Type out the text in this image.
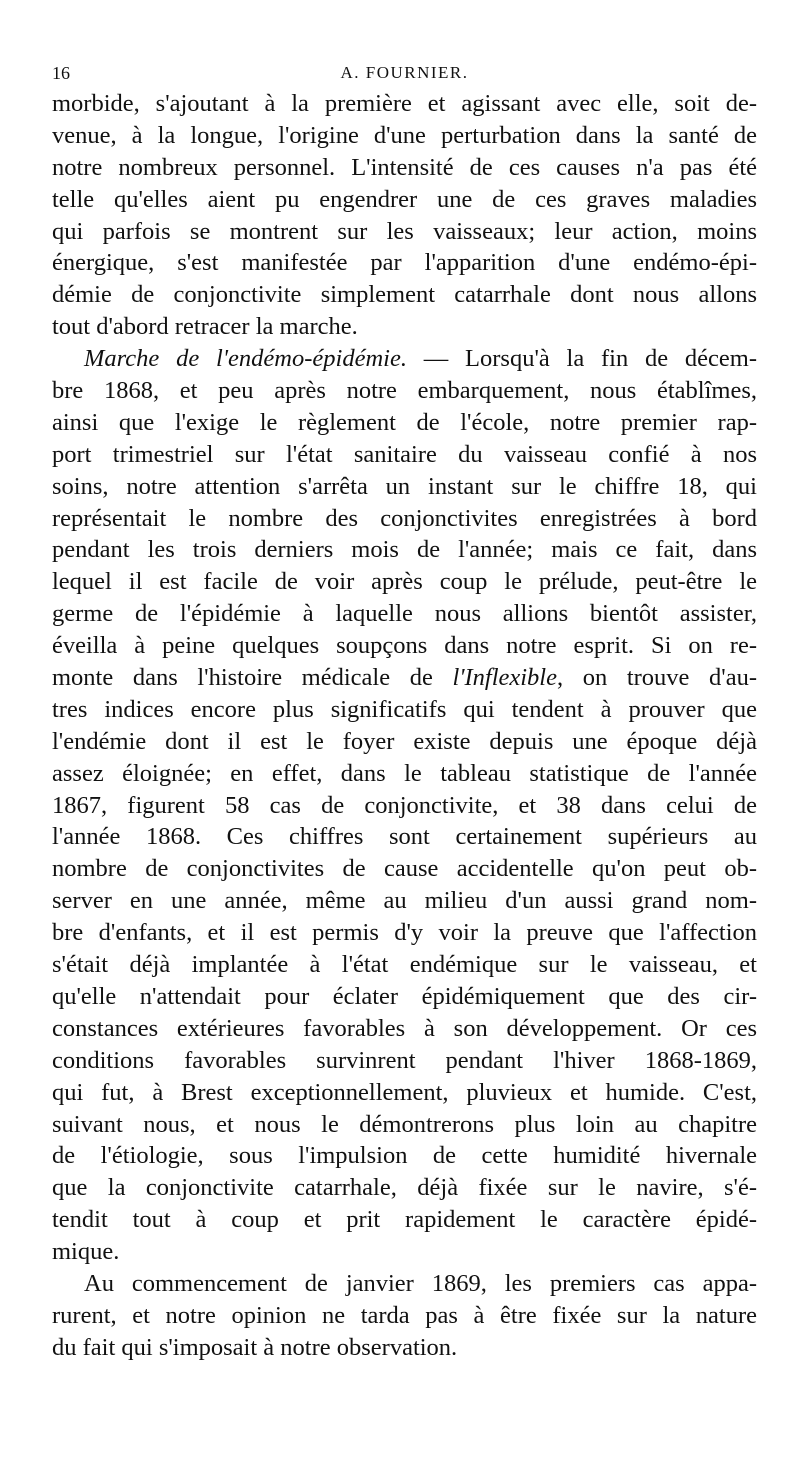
16	A. FOURNIER.
morbide, s'ajoutant à la première et agissant avec elle, soit de-
venue, à la longue, l'origine d'une perturbation dans la santé de
notre nombreux personnel. L'intensité de ces causes n'a pas été
telle qu'elles aient pu engendrer une de ces graves maladies
qui parfois se montrent sur les vaisseaux; leur action, moins
énergique, s'est manifestée par l'apparition d'une endémo-épi-
démie de conjonctivite simplement catarrhale dont nous allons
tout d'abord retracer la marche.
Marche de l'endémo-épidémie. — Lorsqu'à la fin de décem-
bre 1868, et peu après notre embarquement, nous établîmes,
ainsi que l'exige le règlement de l'école, notre premier rap-
port trimestriel sur l'état sanitaire du vaisseau confié à nos
soins, notre attention s'arrêta un instant sur le chiffre 18, qui
représentait le nombre des conjonctivites enregistrées à bord
pendant les trois derniers mois de l'année; mais ce fait, dans
lequel il est facile de voir après coup le prélude, peut-être le
germe de l'épidémie à laquelle nous allions bientôt assister,
éveilla à peine quelques soupçons dans notre esprit. Si on re-
monte dans l'histoire médicale de l'Inflexible, on trouve d'au-
tres indices encore plus significatifs qui tendent à prouver que
l'endémie dont il est le foyer existe depuis une époque déjà
assez éloignée; en effet, dans le tableau statistique de l'année
1867, figurent 58 cas de conjonctivite, et 38 dans celui de
l'année 1868. Ces chiffres sont certainement supérieurs au
nombre de conjonctivites de cause accidentelle qu'on peut ob-
server en une année, même au milieu d'un aussi grand nom-
bre d'enfants, et il est permis d'y voir la preuve que l'affection
s'était déjà implantée à l'état endémique sur le vaisseau, et
qu'elle n'attendait pour éclater épidémiquement que des cir-
constances extérieures favorables à son développement. Or ces
conditions favorables survinrent pendant l'hiver 1868-1869,
qui fut, à Brest exceptionnellement, pluvieux et humide. C'est,
suivant nous, et nous le démontrerons plus loin au chapitre
de l'étiologie, sous l'impulsion de cette humidité hivernale
que la conjonctivite catarrhale, déjà fixée sur le navire, s'é-
tendit tout à coup et prit rapidement le caractère épidé-
mique.
Au commencement de janvier 1869, les premiers cas appa-
rurent, et notre opinion ne tarda pas à être fixée sur la nature
du fait qui s'imposait à notre observation.
